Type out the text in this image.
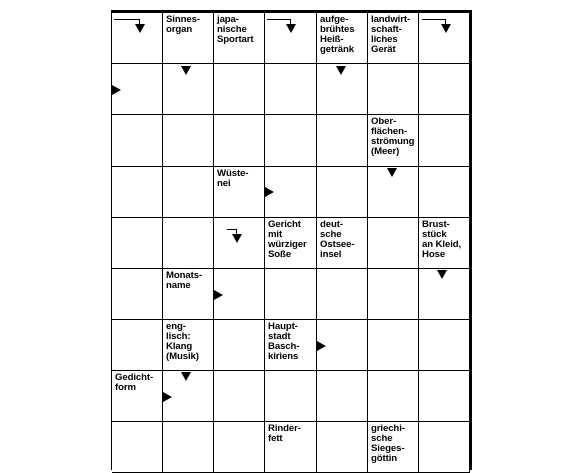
Sinnes-
organ
japa-
nische
Sportart
aufge-
brühtes
Heiß-
getränk
landwirt-
schaft-
liches
Gerät
Ober-
flächen-
strömung
(Meer)
Wüste-
nei
Gericht
mit
würziger
Soße
deut-
sche
Ostsee-
insel
Brust-
stück
an Kleid,
Hose
Monats-
name
eng-
lisch:
Klang
(Musik)
Haupt-
stadt
Basch-
kiriens
Gedicht-
form
Rinder-
fett
griechi-
sche
Sieges-
göttin
